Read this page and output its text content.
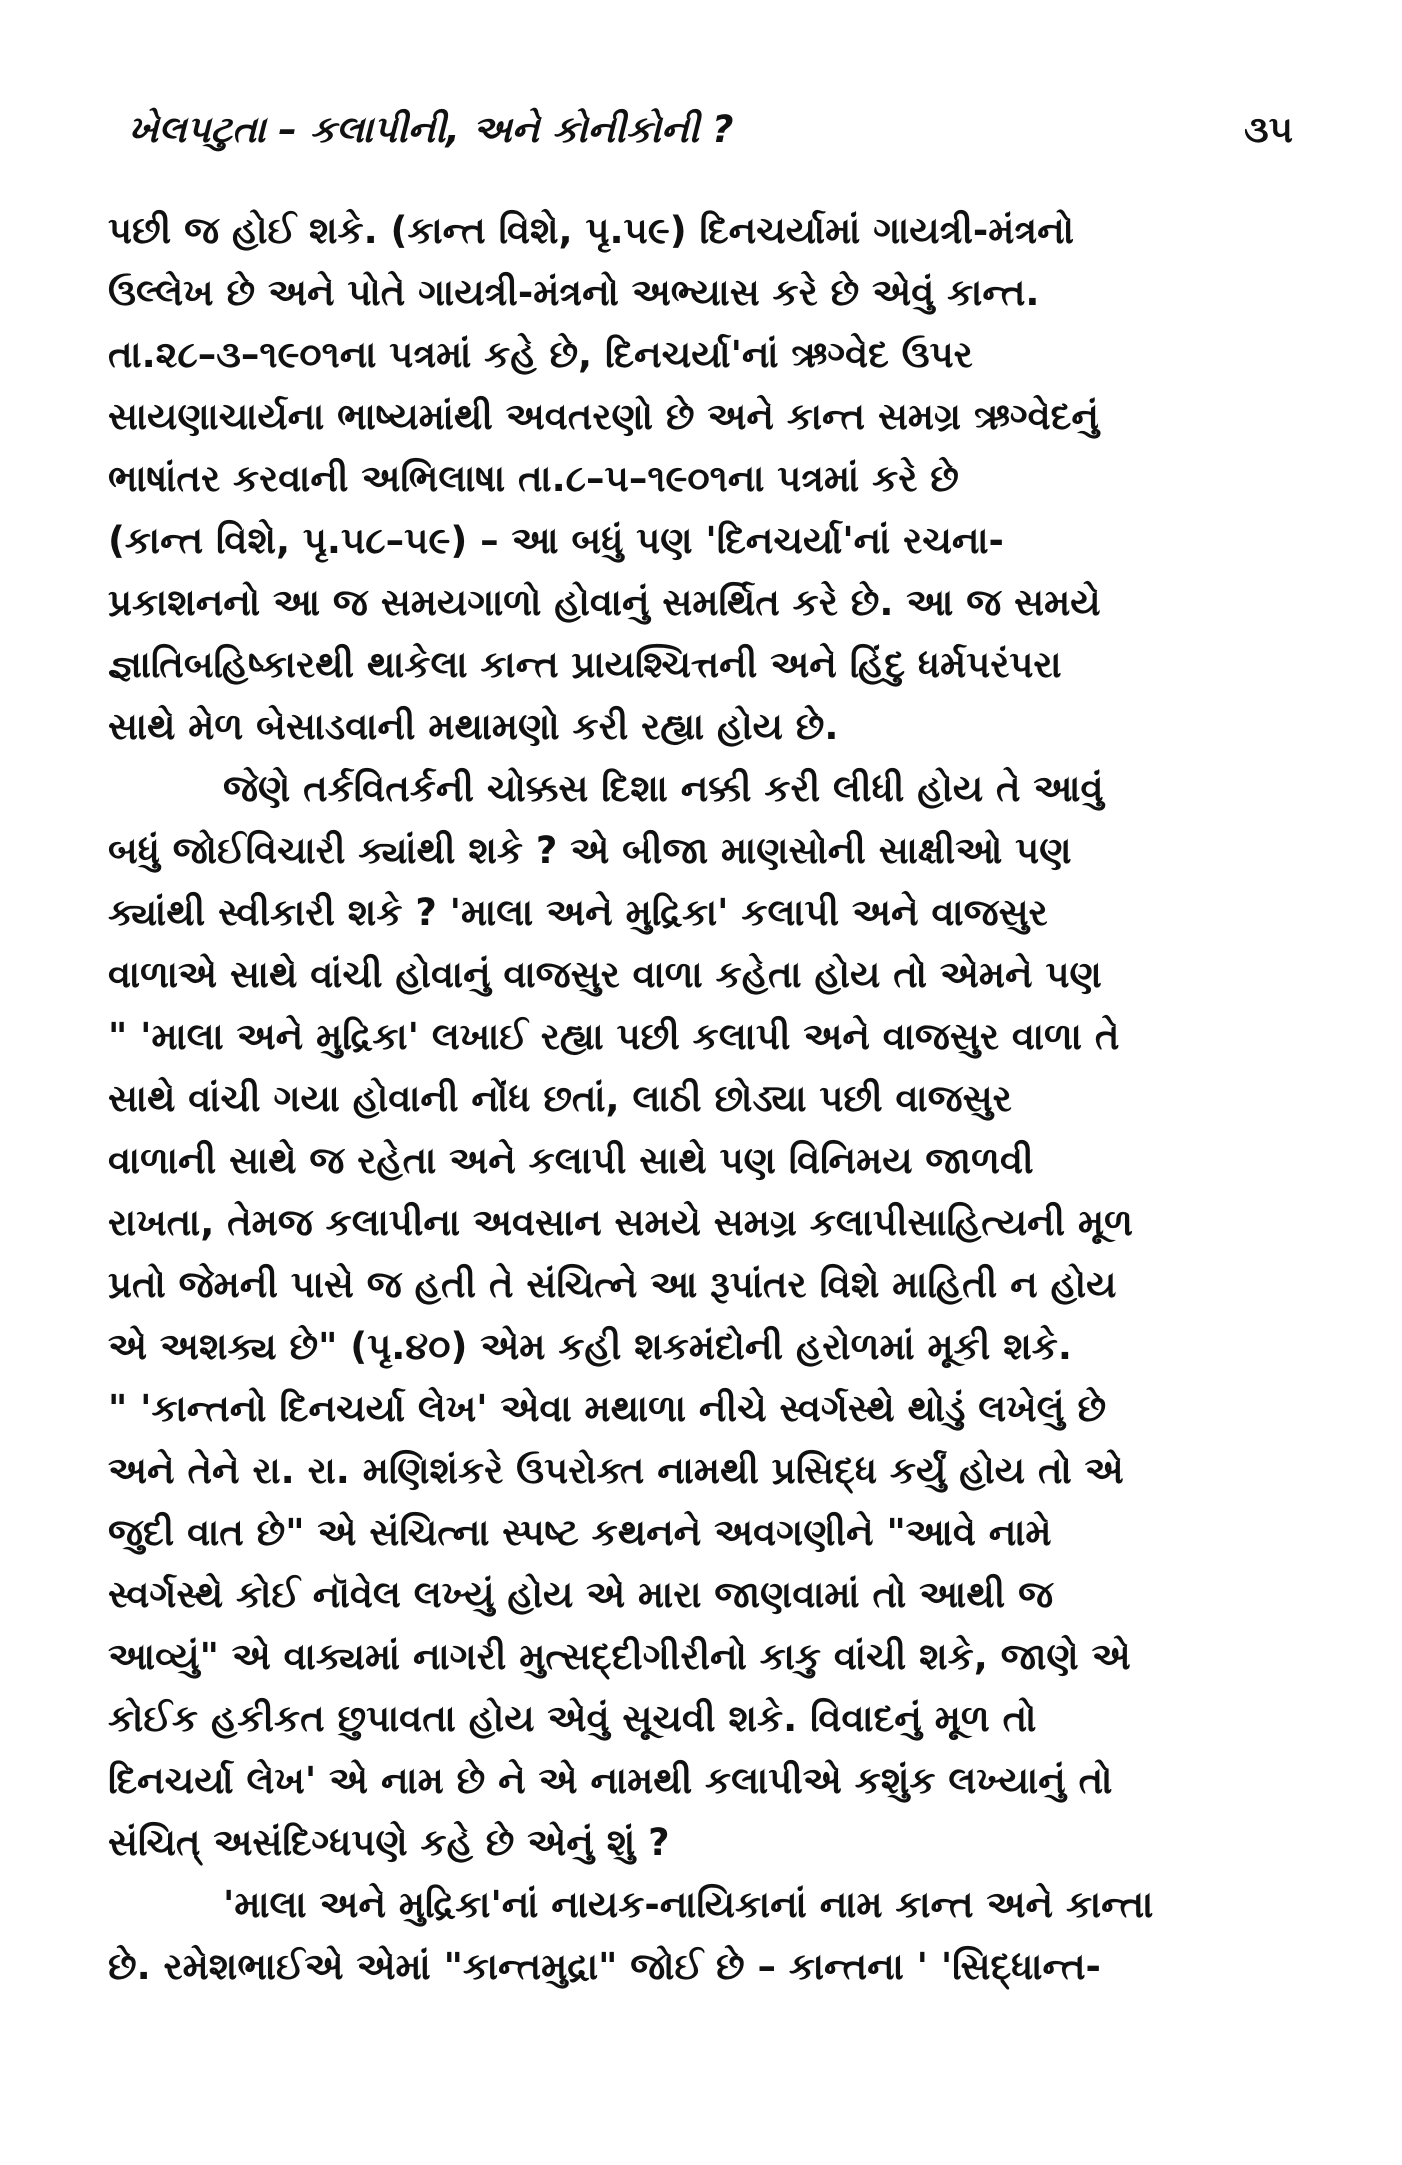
ખેલપટુતા – કલાપીની, અને કોનીકોની ?	૩૫
પછી જ હોઈ શકે. (કાન્ત વિશે, પૃ.૫૯) દિનચર્યામાં ગાયત્રી-મંત્રનો
ઉલ્લેખ છે અને પોતે ગાયત્રી-મંત્રનો અભ્યાસ કરે છે એવું કાન્ત.
તા.૨૮–૩–૧૯૦૧ના પત્રમાં કહે છે, દિનચર્યા'નાં ઋગ્વેદ ઉપર
સાયણાચાર્યના ભાષ્યમાંથી અવતરણો છે અને કાન્ત સમગ્ર ઋગ્વેદનું
ભાષાંતર કરવાની અભિલાષા તા.૮–૫–૧૯૦૧ના પત્રમાં કરે છે
(કાન્ત વિશે, પૃ.૫૮–૫૯) – આ બધું પણ 'દિનચર્યા'નાં રચના-
પ્રકાશનનો આ જ સમયગાળો હોવાનું સમર્થિત કરે છે. આ જ સમયે
જ્ઞાતિબહિષ્કારથી થાકેલા કાન્ત પ્રાયશ્ચિત્તની અને હિંદુ ધર્મપરંપરા
સાથે મેળ બેસાડવાની મથામણો કરી રહ્યા હોય છે.
જેણે તર્કવિતર્કની ચોક્કસ દિશા નક્કી કરી લીધી હોય તે આવું
બધું જોઈવિચારી ક્યાંથી શકે ? એ બીજા માણસોની સાક્ષીઓ પણ
ક્યાંથી સ્વીકારી શકે ? 'માલા અને મુદ્રિકા' કલાપી અને વાજસુર
વાળાએ સાથે વાંચી હોવાનું વાજસુર વાળા કહેતા હોય તો એમને પણ
" 'માલા અને મુદ્રિકા' લખાઈ રહ્યા પછી કલાપી અને વાજસુર વાળા તે
સાથે વાંચી ગયા હોવાની નોંધ છતાં, લાઠી છોડ્યા પછી વાજસુર
વાળાની સાથે જ રહેતા અને કલાપી સાથે પણ વિનિમય જાળવી
રાખતા, તેમજ કલાપીના અવસાન સમયે સમગ્ર કલાપીસાહિત્યની મૂળ
પ્રતો જેમની પાસે જ હતી તે સંચિત્ને આ રૂપાંતર વિશે માહિતી ન હોય
એ અશક્ય છે" (પૃ.૪૦) એમ કહી શકમંદોની હરોળમાં મૂકી શકે.
" 'કાન્તનો દિનચર્યા લેખ' એવા મથાળા નીચે સ્વર્ગસ્થે થોડું લખેલું છે
અને તેને રા. રા. મણિશંકરે ઉપરોક્ત નામથી પ્રસિદ્ધ કર્યું હોય તો એ
જુદી વાત છે" એ સંચિત્ના સ્પષ્ટ કથનને અવગણીને "આવે નામે
સ્વર્ગસ્થે કોઈ નૉવેલ લખ્યું હોય એ મારા જાણવામાં તો આથી જ
આવ્યું" એ વાક્યમાં નાગરી મુત્સદ્દીગીરીનો કાકુ વાંચી શકે, જાણે એ
કોઈક હકીકત છુપાવતા હોય એવું સૂચવી શકે. વિવાદનું મૂળ તો
દિનચર્યા લેખ' એ નામ છે ને એ નામથી કલાપીએ કશુંક લખ્યાનું તો
સંચિત્ અસંદિગ્ધપણે કહે છે એનું શું ?
'માલા અને મુદ્રિકા'નાં નાયક-નાયિકાનાં નામ કાન્ત અને કાન્તા
છે. રમેશભાઈએ એમાં "કાન્તમુદ્રા" જોઈ છે – કાન્તના ' 'સિદ્ધાન્ત-
